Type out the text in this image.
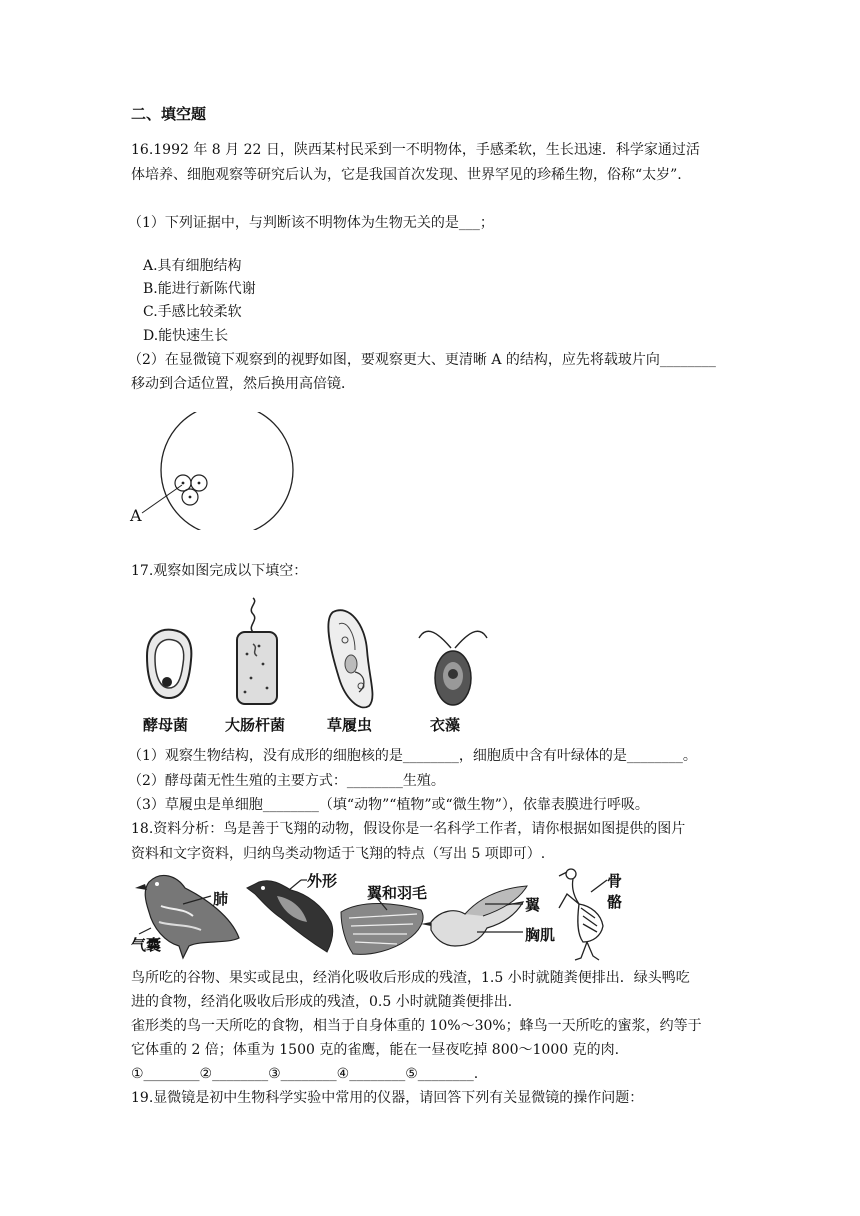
二、填空题
16.1992 年 8 月 22 日，陕西某村民采到一不明物体，手感柔软，生长迅速．科学家通过活
体培养、细胞观察等研究后认为，它是我国首次发现、世界罕见的珍稀生物，俗称“太岁”.
（1）下列证据中，与判断该不明物体为生物无关的是___；
A.具有细胞结构
B.能进行新陈代谢
C.手感比较柔软
D.能快速生长
（2）在显微镜下观察到的视野如图，要观察更大、更清晰 A 的结构，应先将载玻片向________
移动到合适位置，然后换用高倍镜．
A
17.观察如图完成以下填空：
酵母菌 大肠杆菌	草履虫	衣藻
（1）观察生物结构，没有成形的细胞核的是________，细胞质中含有叶绿体的是________。
（2）酵母菌无性生殖的主要方式：________生殖。
（3）草履虫是单细胞________（填“动物”“植物”或“微生物”），依靠表膜进行呼吸。
18.资料分析：鸟是善于飞翔的动物，假设你是一名科学工作者，请你根据如图提供的图片
资料和文字资料，归纳鸟类动物适于飞翔的特点（写出 5 项即可）.
肺
气囊
外形
翼和羽毛
翼
胸肌
骨骼
鸟所吃的谷物、果实或昆虫，经消化吸收后形成的残渣，1.5 小时就随粪便排出．绿头鸭吃
进的食物，经消化吸收后形成的残渣，0.5 小时就随粪便排出．
雀形类的鸟一天所吃的食物，相当于自身体重的 10%～30%；蜂鸟一天所吃的蜜浆，约等于
它体重的 2 倍；体重为 1500 克的雀鹰，能在一昼夜吃掉 800～1000 克的肉.
①________②________③________④________⑤________.
19.显微镜是初中生物科学实验中常用的仪器，请回答下列有关显微镜的操作问题：
